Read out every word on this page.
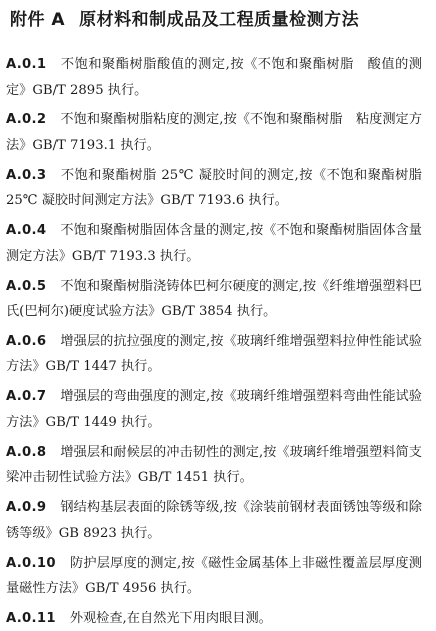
附件 A 原材料和制成品及工程质量检测方法
A.0.1 不饱和聚酯树脂酸值的测定,按《不饱和聚酯树脂　酸值的测定》GB/T 2895 执行。
A.0.2 不饱和聚酯树脂粘度的测定,按《不饱和聚酯树脂　粘度测定方法》GB/T 7193.1 执行。
A.0.3 不饱和聚酯树脂 25℃ 凝胶时间的测定,按《不饱和聚酯树脂　25℃ 凝胶时间测定方法》GB/T 7193.6 执行。
A.0.4 不饱和聚酯树脂固体含量的测定,按《不饱和聚酯树脂固体含量测定方法》GB/T 7193.3 执行。
A.0.5 不饱和聚酯树脂浇铸体巴柯尔硬度的测定,按《纤维增强塑料巴氏(巴柯尔)硬度试验方法》GB/T 3854 执行。
A.0.6 增强层的抗拉强度的测定,按《玻璃纤维增强塑料拉伸性能试验方法》GB/T 1447 执行。
A.0.7 增强层的弯曲强度的测定,按《玻璃纤维增强塑料弯曲性能试验方法》GB/T 1449 执行。
A.0.8 增强层和耐候层的冲击韧性的测定,按《玻璃纤维增强塑料简支梁冲击韧性试验方法》GB/T 1451 执行。
A.0.9 钢结构基层表面的除锈等级,按《涂装前钢材表面锈蚀等级和除锈等级》GB 8923 执行。
A.0.10 防护层厚度的测定,按《磁性金属基体上非磁性覆盖层厚度测量磁性方法》GB/T 4956 执行。
A.0.11 外观检查,在自然光下用肉眼目测。
